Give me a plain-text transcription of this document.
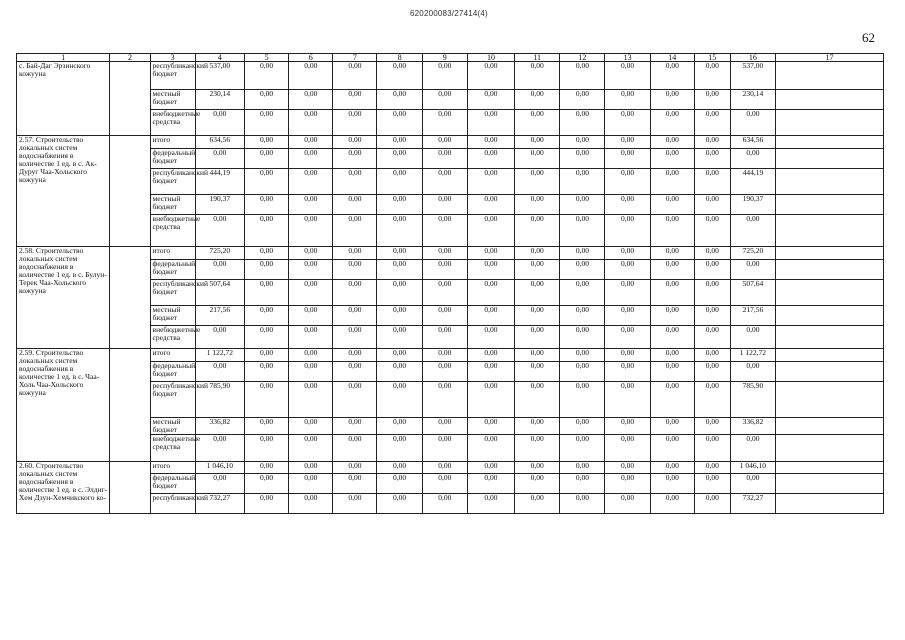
620200083/27414(4)
62
1	2	3	4	5	6	7	8	9	10	11	12	13	14	15	16	17
с. Бай-Даг Эрзинского кожууна		республиканский бюджет	537,00	0,00	0,00	0,00	0,00	0,00	0,00	0,00	0,00	0,00	0,00	0,00	537,00	
		местный бюджет	230,14	0,00	0,00	0,00	0,00	0,00	0,00	0,00	0,00	0,00	0,00	0,00	230,14	
		внебюджетные средства	0,00	0,00	0,00	0,00	0,00	0,00	0,00	0,00	0,00	0,00	0,00	0,00	0,00	
2.57. Строительство локальных систем водоснабжения в количестве 1 ед. в с. Ак-Дуруг Чаа-Хольского кожууна		итого	634,56	0,00	0,00	0,00	0,00	0,00	0,00	0,00	0,00	0,00	0,00	0,00	634,56	
		федеральный бюджет	0,00	0,00	0,00	0,00	0,00	0,00	0,00	0,00	0,00	0,00	0,00	0,00	0,00	
		республиканский бюджет	444,19	0,00	0,00	0,00	0,00	0,00	0,00	0,00	0,00	0,00	0,00	0,00	444,19	
		местный бюджет	190,37	0,00	0,00	0,00	0,00	0,00	0,00	0,00	0,00	0,00	0,00	0,00	190,37	
		внебюджетные средства	0,00	0,00	0,00	0,00	0,00	0,00	0,00	0,00	0,00	0,00	0,00	0,00	0,00	
2.58. Строительство локальных систем водоснабжения в количестве 1 ед. в с. Булун-Терек Чаа-Хольского кожууна		итого	725,20	0,00	0,00	0,00	0,00	0,00	0,00	0,00	0,00	0,00	0,00	0,00	725,20	
		федеральный бюджет	0,00	0,00	0,00	0,00	0,00	0,00	0,00	0,00	0,00	0,00	0,00	0,00	0,00	
		республиканский бюджет	507,64	0,00	0,00	0,00	0,00	0,00	0,00	0,00	0,00	0,00	0,00	0,00	507,64	
		местный бюджет	217,56	0,00	0,00	0,00	0,00	0,00	0,00	0,00	0,00	0,00	0,00	0,00	217,56	
		внебюджетные средства	0,00	0,00	0,00	0,00	0,00	0,00	0,00	0,00	0,00	0,00	0,00	0,00	0,00	
2.59. Строительство локальных систем водоснабжения в количестве 1 ед. в с. Чаа-Холь Чаа-Хольского кожууна		итого	1 122,72	0,00	0,00	0,00	0,00	0,00	0,00	0,00	0,00	0,00	0,00	0,00	1 122,72	
		федеральный бюджет	0,00	0,00	0,00	0,00	0,00	0,00	0,00	0,00	0,00	0,00	0,00	0,00	0,00	
		республиканский бюджет	785,90	0,00	0,00	0,00	0,00	0,00	0,00	0,00	0,00	0,00	0,00	0,00	785,90	
		местный бюджет	336,82	0,00	0,00	0,00	0,00	0,00	0,00	0,00	0,00	0,00	0,00	0,00	336,82	
		внебюджетные средства	0,00	0,00	0,00	0,00	0,00	0,00	0,00	0,00	0,00	0,00	0,00	0,00	0,00	
2.60. Строительство локальных систем водоснабжения в количестве 1 ед. в с. Элдиг-Хем Дзун-Хемчикского ко-		итого	1 046,10	0,00	0,00	0,00	0,00	0,00	0,00	0,00	0,00	0,00	0,00	0,00	1 046,10	
		федеральный бюджет	0,00	0,00	0,00	0,00	0,00	0,00	0,00	0,00	0,00	0,00	0,00	0,00	0,00	
		республиканский	732,27	0,00	0,00	0,00	0,00	0,00	0,00	0,00	0,00	0,00	0,00	0,00	732,27	
